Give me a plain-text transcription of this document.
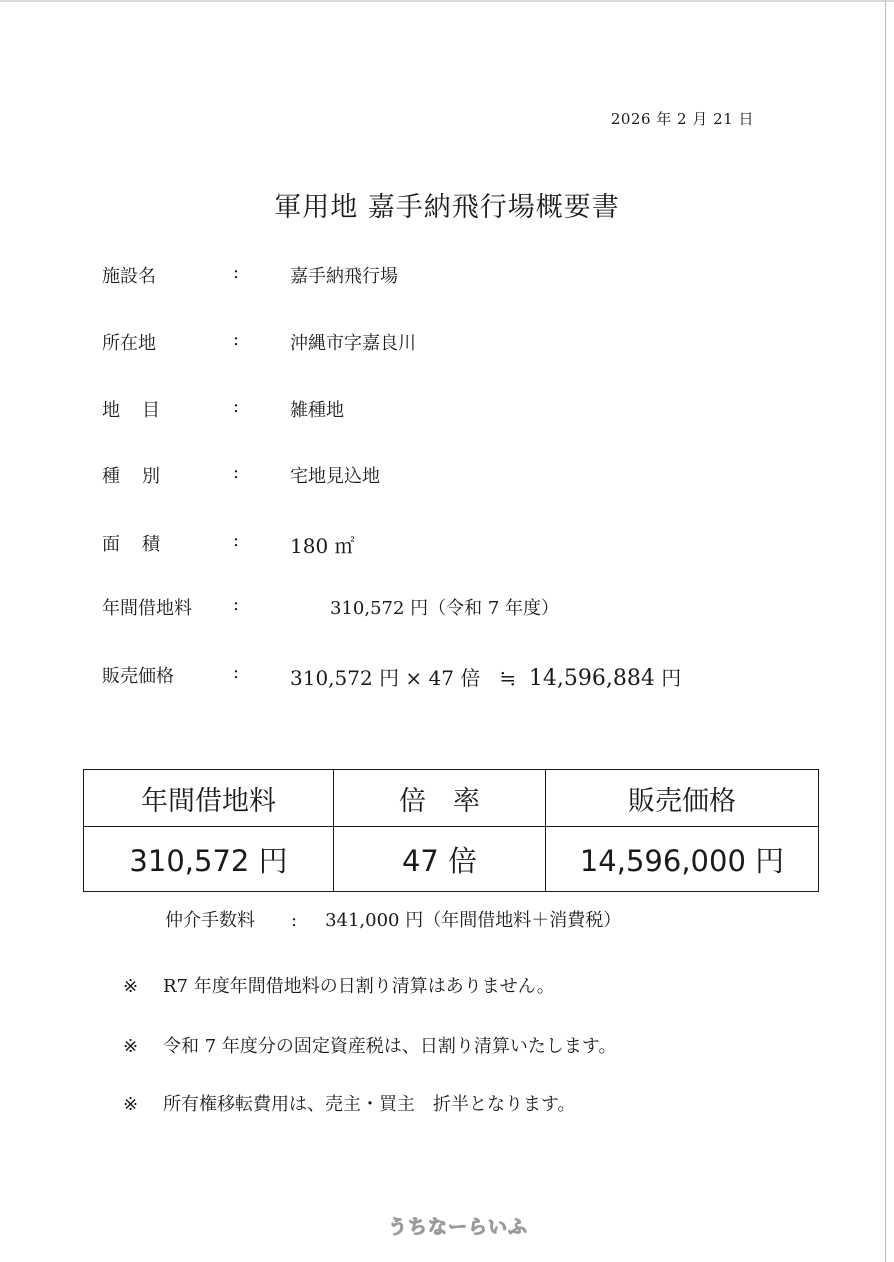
2026 年 2 月 21 日
軍用地 嘉手納飛行場概要書
施設名	:	嘉手納飛行場
所在地	:	沖縄市字嘉良川
地 目	:	雑種地
種 別	:	宅地見込地
面 積	:	180 ㎡
年間借地料 :	310,572 円（令和 7 年度）
販売価格	:	310,572 円 × 47 倍 ≒ 14,596,884 円
年間借地料	倍　率	販売価格
310,572 円	47 倍	14,596,000 円
仲介手数料 : 341,000 円（年間借地料＋消費税）
※ R7 年度年間借地料の日割り清算はありません。
※ 令和 7 年度分の固定資産税は、日割り清算いたします。
※ 所有権移転費用は、売主・買主　折半となります。
うちなーらいふ
